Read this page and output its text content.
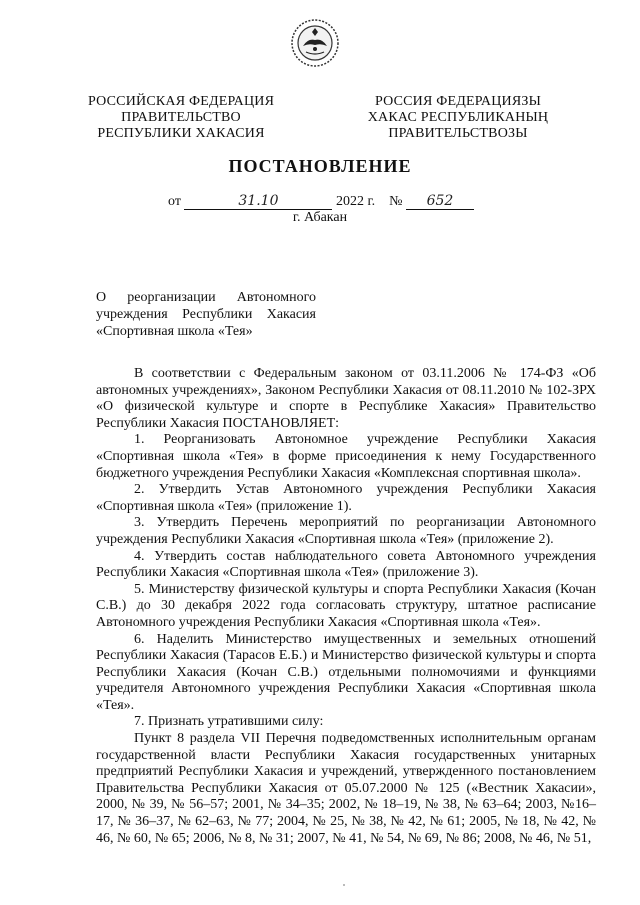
РОССИЙСКАЯ ФЕДЕРАЦИЯ
ПРАВИТЕЛЬСТВО
РЕСПУБЛИКИ ХАКАСИЯ
РОССИЯ ФЕДЕРАЦИЯЗЫ
ХАКАС РЕСПУБЛИКАНЫҢ
ПРАВИТЕЛЬСТВОЗЫ
ПОСТАНОВЛЕНИЕ
от	31.10	2022 г. № 652
г. Абакан
О реорганизации Автономного
учреждения Республики Хакасия
«Спортивная школа «Тея»

В соответствии с Федеральным законом от 03.11.2006 № 174-ФЗ «Об автономных учреждениях», Законом Республики Хакасия от 08.11.2010 № 102-ЗРХ «О физической культуре и спорте в Республике Хакасия» Правительство Республики Хакасия ПОСТАНОВЛЯЕТ:

1. Реорганизовать Автономное учреждение Республики Хакасия «Спортивная школа «Тея» в форме присоединения к нему Государственного бюджетного учреждения Республики Хакасия «Комплексная спортивная школа».

2. Утвердить Устав Автономного учреждения Республики Хакасия «Спортивная школа «Тея» (приложение 1).

3. Утвердить Перечень мероприятий по реорганизации Автономного учреждения Республики Хакасия «Спортивная школа «Тея» (приложение 2).

4. Утвердить состав наблюдательного совета Автономного учреждения Республики Хакасия «Спортивная школа «Тея» (приложение 3).

5. Министерству физической культуры и спорта Республики Хакасия (Кочан С.В.) до 30 декабря 2022 года согласовать структуру, штатное расписание Автономного учреждения Республики Хакасия «Спортивная школа «Тея».

6. Наделить Министерство имущественных и земельных отношений Республики Хакасия (Тарасов Е.Б.) и Министерство физической культуры и спорта Республики Хакасия (Кочан С.В.) отдельными полномочиями и функциями учредителя Автономного учреждения Республики Хакасия «Спортивная школа «Тея».

7. Признать утратившими силу:

Пункт 8 раздела VII Перечня подведомственных исполнительным органам государственной власти Республики Хакасия государственных унитарных предприятий Республики Хакасия и учреждений, утвержденного постановлением Правительства Республики Хакасия от 05.07.2000 № 125 («Вестник Хакасии», 2000, № 39, № 56–57; 2001, № 34–35; 2002, № 18–19, № 38, № 63–64; 2003, №16–17, № 36–37, № 62–63, № 77; 2004, № 25, № 38, № 42, № 61; 2005, № 18, № 42, № 46, № 60, № 65; 2006, № 8, № 31; 2007, № 41, № 54, № 69, № 86; 2008, № 46, № 51,
